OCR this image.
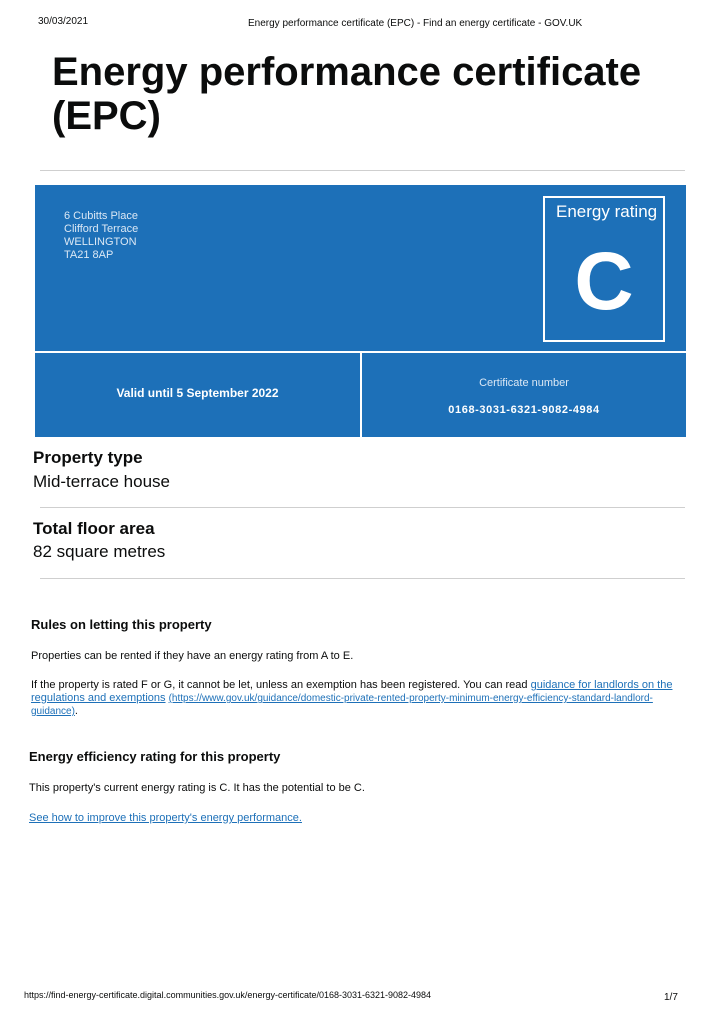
30/03/2021	Energy performance certificate (EPC) - Find an energy certificate - GOV.UK
Energy performance certificate (EPC)
6 Cubitts Place
Clifford Terrace
WELLINGTON
TA21 8AP
Energy rating
C
Valid until 5 September 2022
Certificate number
0168-3031-6321-9082-4984
Property type
Mid-terrace house
Total floor area
82 square metres
Rules on letting this property
Properties can be rented if they have an energy rating from A to E.
If the property is rated F or G, it cannot be let, unless an exemption has been registered. You can read guidance for landlords on the regulations and exemptions (https://www.gov.uk/guidance/domestic-private-rented-property-minimum-energy-efficiency-standard-landlord-guidance).
Energy efficiency rating for this property
This property's current energy rating is C. It has the potential to be C.
See how to improve this property's energy performance.
https://find-energy-certificate.digital.communities.gov.uk/energy-certificate/0168-3031-6321-9082-4984	1/7
